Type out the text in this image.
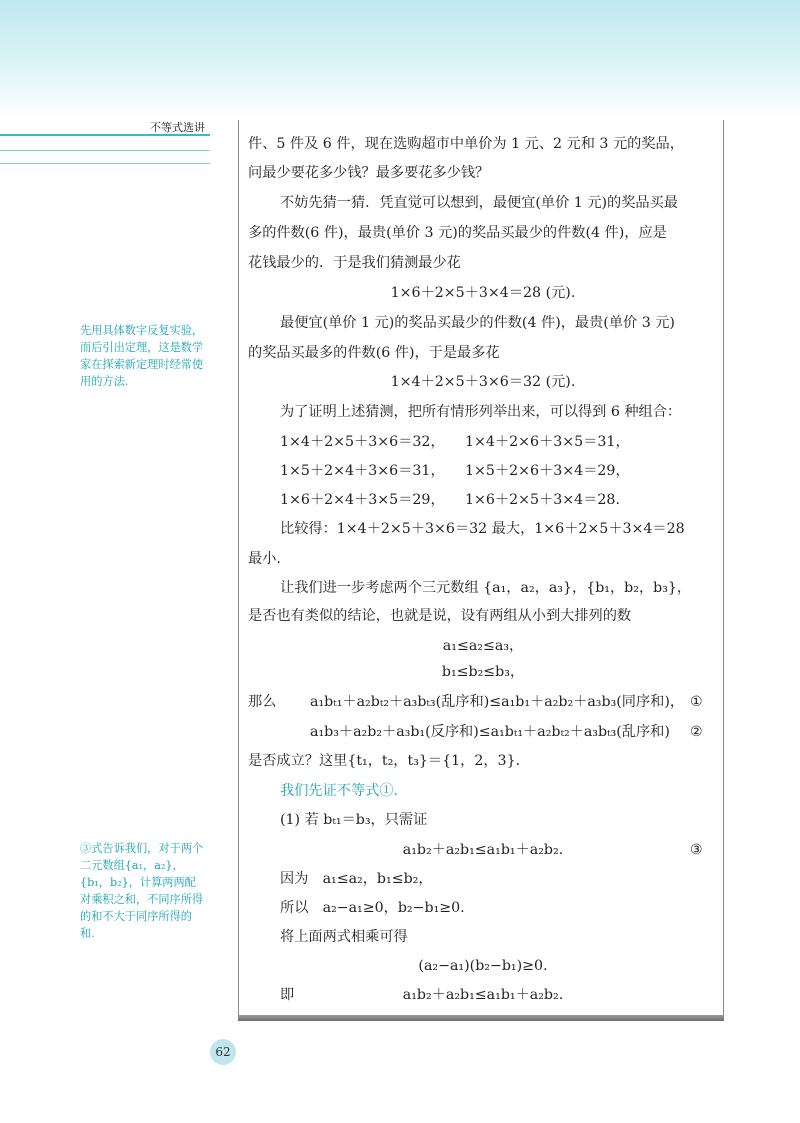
不等式选讲
先用具体数字反复实验，而后引出定理，这是数学家在探索新定理时经常使用的方法.
③式告诉我们，对于两个二元数组{a₁，a₂}，{b₁，b₂}，计算两两配对乘积之和，不同序所得的和不大于同序所得的和.
62
件、5 件及 6 件，现在选购超市中单价为 1 元、2 元和 3 元的奖品，
问最少要花多少钱？最多要花多少钱？
不妨先猜一猜．凭直觉可以想到，最便宜(单价 1 元)的奖品买最
多的件数(6 件)，最贵(单价 3 元)的奖品买最少的件数(4 件)，应是
花钱最少的．于是我们猜测最少花
1×6＋2×5＋3×4＝28 (元).
最便宜(单价 1 元)的奖品买最少的件数(4 件)，最贵(单价 3 元)
的奖品买最多的件数(6 件)，于是最多花
1×4＋2×5＋3×6＝32 (元).
为了证明上述猜测，把所有情形列举出来，可以得到 6 种组合：
1×4＋2×5＋3×6＝32， 1×4＋2×6＋3×5＝31，
1×5＋2×4＋3×6＝31， 1×5＋2×6＋3×4＝29，
1×6＋2×4＋3×5＝29， 1×6＋2×5＋3×4＝28.
比较得：1×4＋2×5＋3×6＝32 最大，1×6＋2×5＋3×4＝28
最小.
让我们进一步考虑两个三元数组 {a₁，a₂，a₃}，{b₁，b₂，b₃}，
是否也有类似的结论，也就是说，设有两组从小到大排列的数
a₁≤a₂≤a₃，
b₁≤b₂≤b₃，
那么	a₁bₜ₁＋a₂bₜ₂＋a₃bₜ₃(乱序和)≤a₁b₁＋a₂b₂＋a₃b₃(同序和)， ①
a₁b₃＋a₂b₂＋a₃b₁(反序和)≤a₁bₜ₁＋a₂bₜ₂＋a₃bₜ₃(乱序和)	②
是否成立？这里{t₁，t₂，t₃}＝{1，2，3}.
我们先证不等式①.
(1) 若 bₜ₁＝b₃，只需证
a₁b₂＋a₂b₁≤a₁b₁＋a₂b₂.	③
因为　a₁≤a₂，b₁≤b₂，
所以　a₂−a₁≥0，b₂−b₁≥0.
将上面两式相乘可得
(a₂−a₁)(b₂−b₁)≥0.
即	a₁b₂＋a₂b₁≤a₁b₁＋a₂b₂.
